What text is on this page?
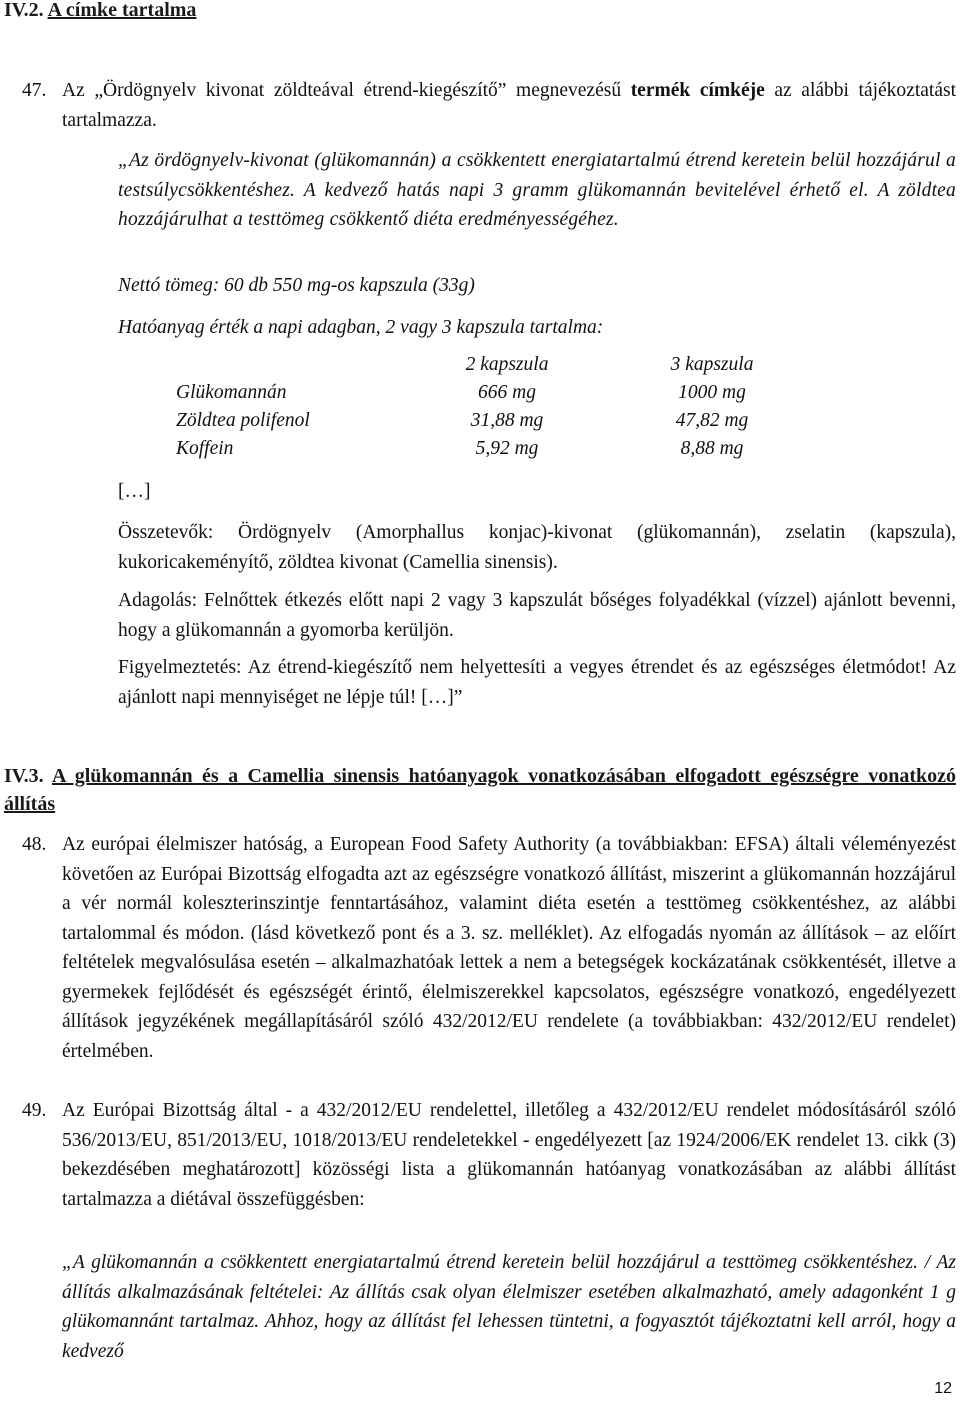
IV.2. A címke tartalma
47. Az „Ördögnyelv kivonat zöldteával étrend-kiegészítő” megnevezésű termék címkéje az alábbi tájékoztatást tartalmazza.
„Az ördögnyelv-kivonat (glükomannán) a csökkentett energiatartalmú étrend keretein belül hozzájárul a testsúlycsökkentéshez. A kedvező hatás napi 3 gramm glükomannán bevitelével érhető el. A zöldtea hozzájárulhat a testtömeg csökkentő diéta eredményességéhez.
Nettó tömeg: 60 db 550 mg-os kapszula (33g)
Hatóanyag érték a napi adagban, 2 vagy 3 kapszula tartalma:
	2 kapszula	3 kapszula
Glükomannán	666 mg	1000 mg
Zöldtea polifenol	31,88 mg	47,82 mg
Koffein	5,92 mg	8,88 mg
[…]
Összetevők: Ördögnyelv (Amorphallus konjac)-kivonat (glükomannán), zselatin (kapszula), kukoricakeményítő, zöldtea kivonat (Camellia sinensis).
Adagolás: Felnőttek étkezés előtt napi 2 vagy 3 kapszulát bőséges folyadékkal (vízzel) ajánlott bevenni, hogy a glükomannán a gyomorba kerüljön.
Figyelmeztetés: Az étrend-kiegészítő nem helyettesíti a vegyes étrendet és az egészséges életmódot! Az ajánlott napi mennyiséget ne lépje túl! […]”
IV.3. A glükomannán és a Camellia sinensis hatóanyagok vonatkozásában elfogadott egészségre vonatkozó állítás
48. Az európai élelmiszer hatóság, a European Food Safety Authority (a továbbiakban: EFSA) általi véleményezést követően az Európai Bizottság elfogadta azt az egészségre vonatkozó állítást, miszerint a glükomannán hozzájárul a vér normál koleszterinszintje fenntartásához, valamint diéta esetén a testtömeg csökkentéshez, az alábbi tartalommal és módon. (lásd következő pont és a 3. sz. melléklet). Az elfogadás nyomán az állítások – az előírt feltételek megvalósulása esetén – alkalmazhatóak lettek a nem a betegségek kockázatának csökkentését, illetve a gyermekek fejlődését és egészségét érintő, élelmiszerekkel kapcsolatos, egészségre vonatkozó, engedélyezett állítások jegyzékének megállapításáról szóló 432/2012/EU rendelete (a továbbiakban: 432/2012/EU rendelet) értelmében.
49. Az Európai Bizottság által - a 432/2012/EU rendelettel, illetőleg a 432/2012/EU rendelet módosításáról szóló 536/2013/EU, 851/2013/EU, 1018/2013/EU rendeletekkel - engedélyezett [az 1924/2006/EK rendelet 13. cikk (3) bekezdésében meghatározott] közösségi lista a glükomannán hatóanyag vonatkozásában az alábbi állítást tartalmazza a diétával összefüggésben:
„A glükomannán a csökkentett energiatartalmú étrend keretein belül hozzájárul a testtömeg csökkentéshez. / Az állítás alkalmazásának feltételei: Az állítás csak olyan élelmiszer esetében alkalmazható, amely adagonként 1 g glükomannánt tartalmaz. Ahhoz, hogy az állítást fel lehessen tüntetni, a fogyasztót tájékoztatni kell arról, hogy a kedvező
12
